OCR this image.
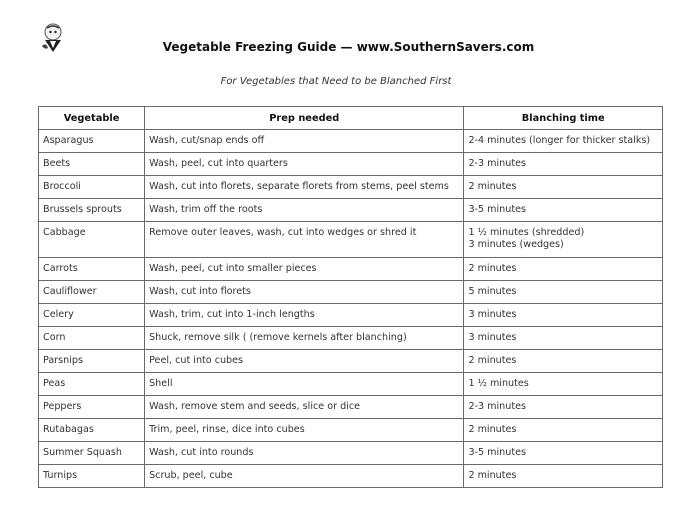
Vegetable Freezing Guide — www.SouthernSavers.com

For Vegetables that Need to be Blanched First

Vegetable	Prep needed	Blanching time
Asparagus	Wash, cut/snap ends off	2-4 minutes (longer for thicker stalks)
Beets	Wash, peel, cut into quarters	2-3 minutes
Broccoli	Wash, cut into florets, separate florets from stems, peel stems	2 minutes
Brussels sprouts	Wash, trim off the roots	3-5 minutes
Cabbage	Remove outer leaves, wash, cut into wedges or shred it	1 ½ minutes (shredded)
3 minutes (wedges)

Carrots	Wash, peel, cut into smaller pieces	2 minutes
Cauliflower	Wash, cut into florets	5 minutes
Celery	Wash, trim, cut into 1-inch lengths	3 minutes
Corn	Shuck, remove silk ( (remove kernels after blanching)	3 minutes
Parsnips	Peel, cut into cubes	2 minutes
Peas	Shell	1 ½ minutes
Peppers	Wash, remove stem and seeds, slice or dice	2-3 minutes
Rutabagas	Trim, peel, rinse, dice into cubes	2 minutes
Summer Squash	Wash, cut into rounds	3-5 minutes
Turnips	Scrub, peel, cube	2 minutes
